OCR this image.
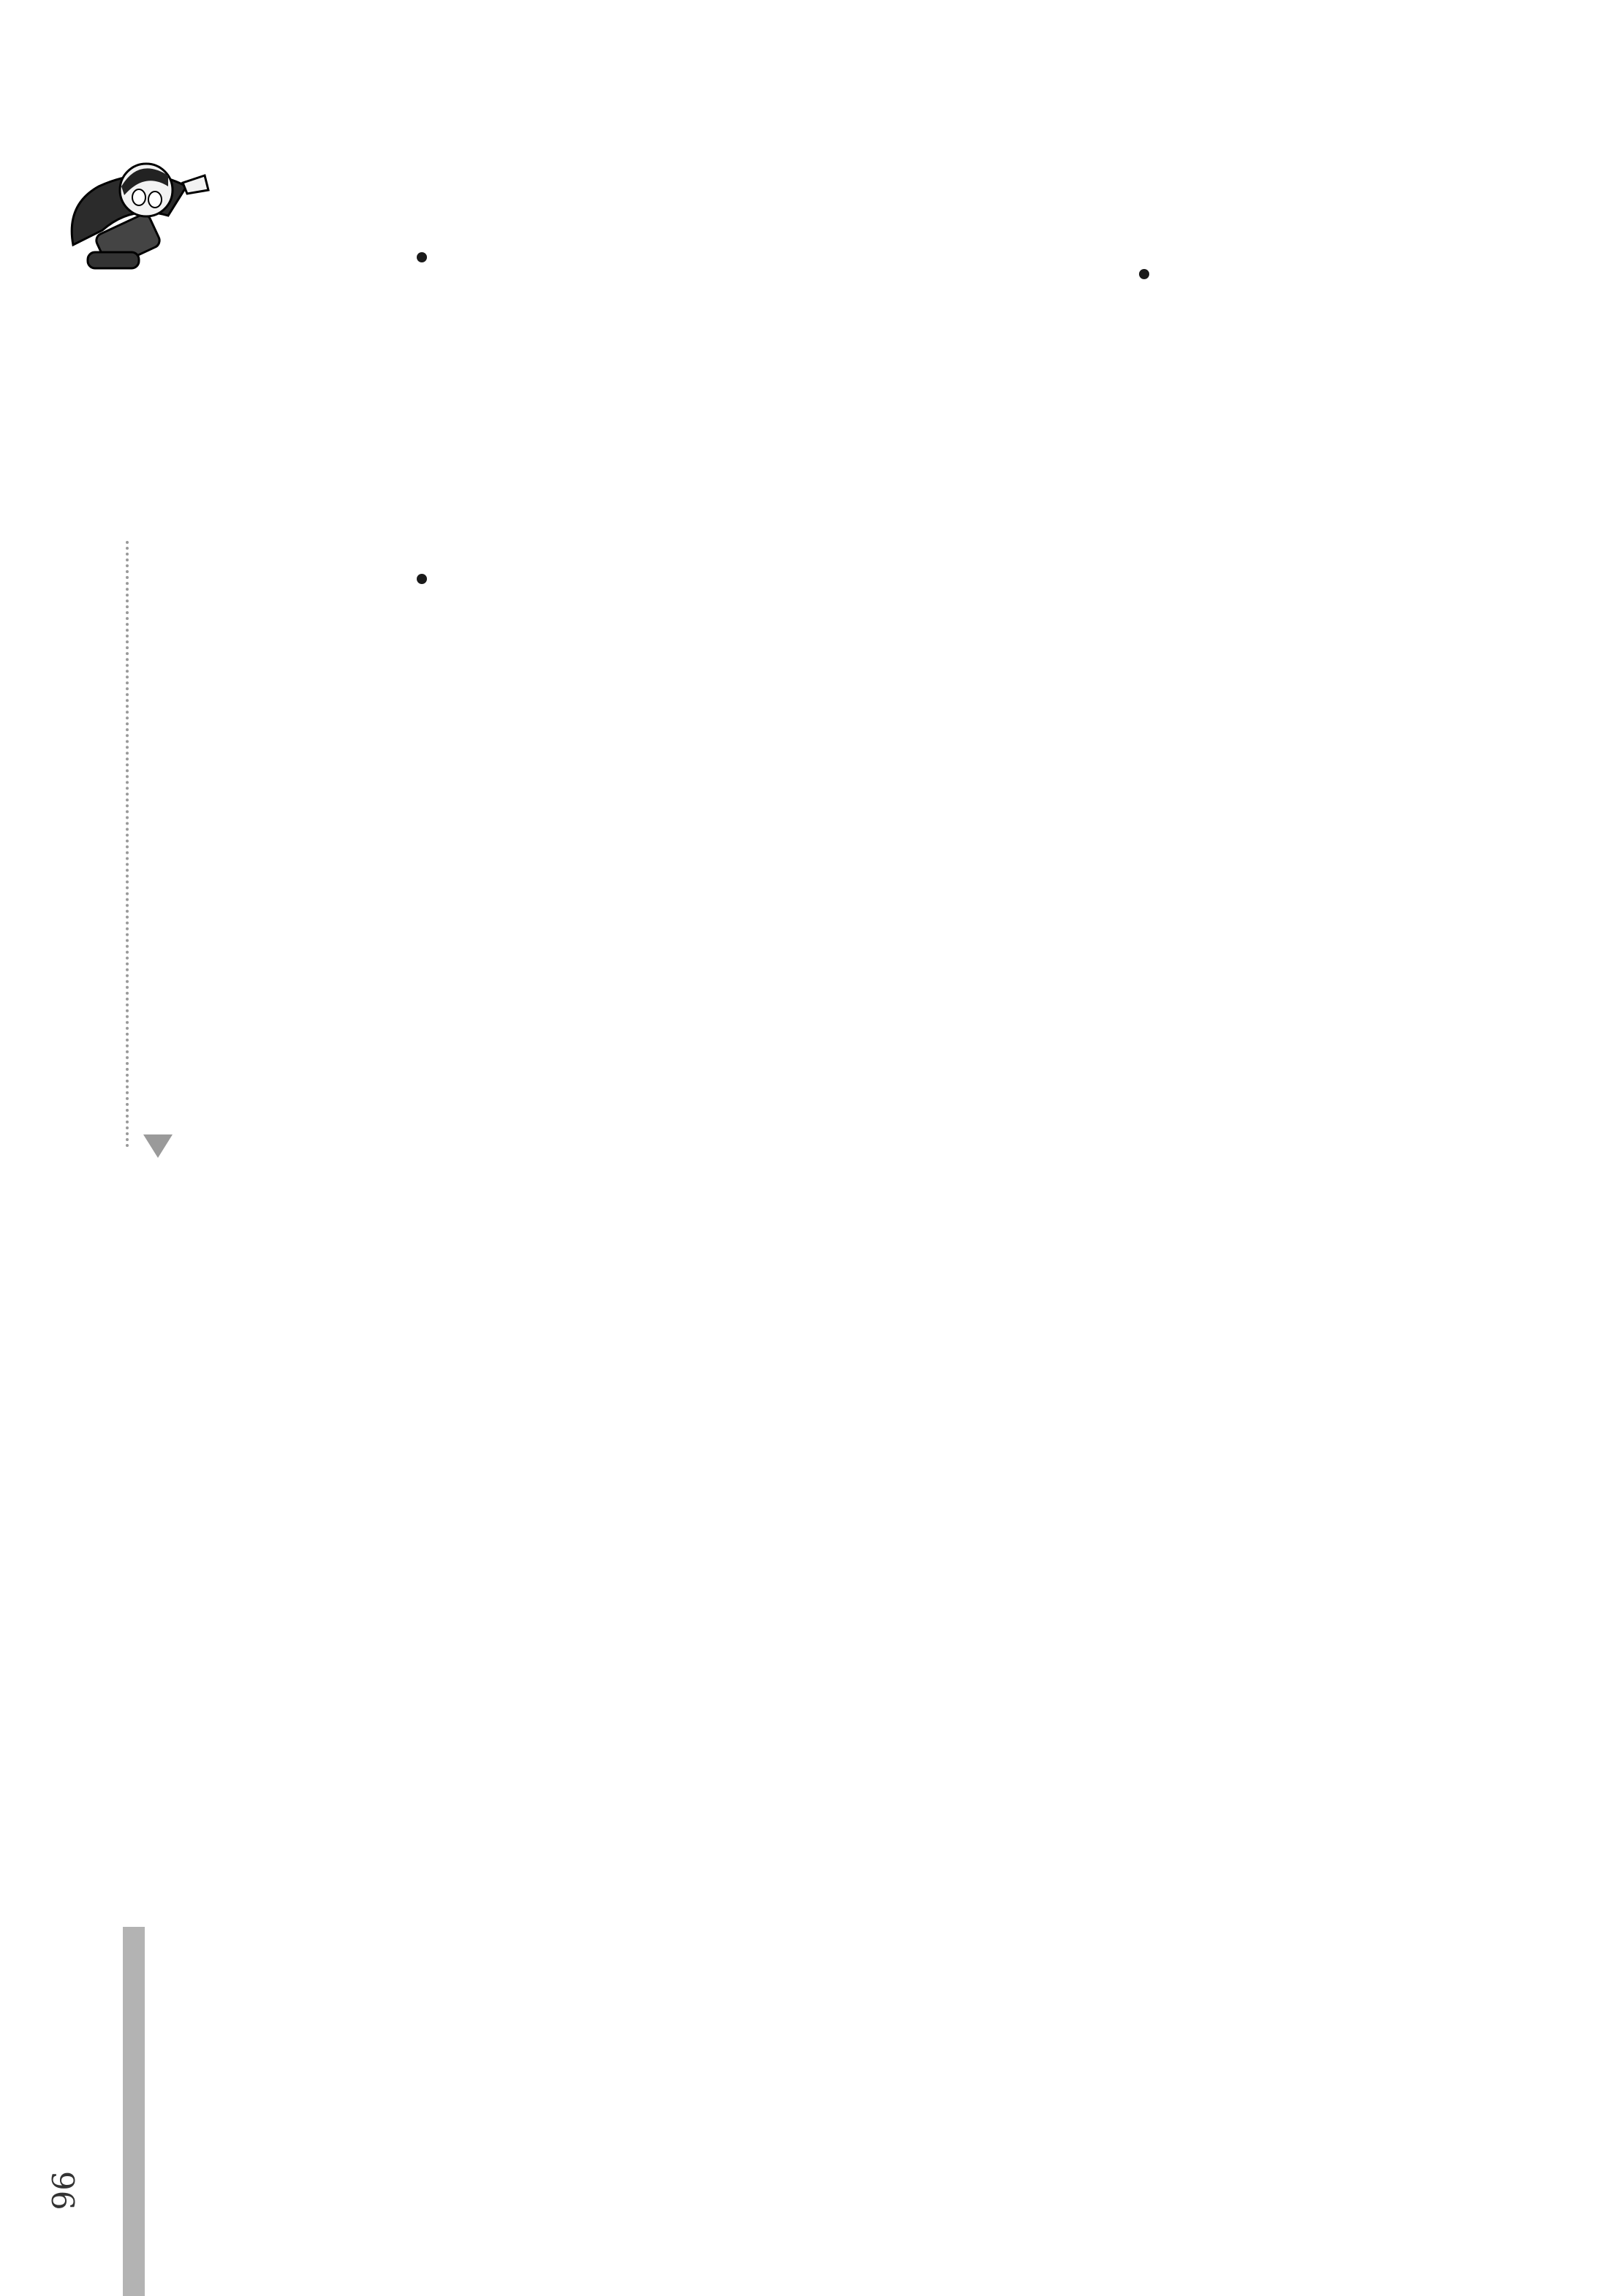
96
